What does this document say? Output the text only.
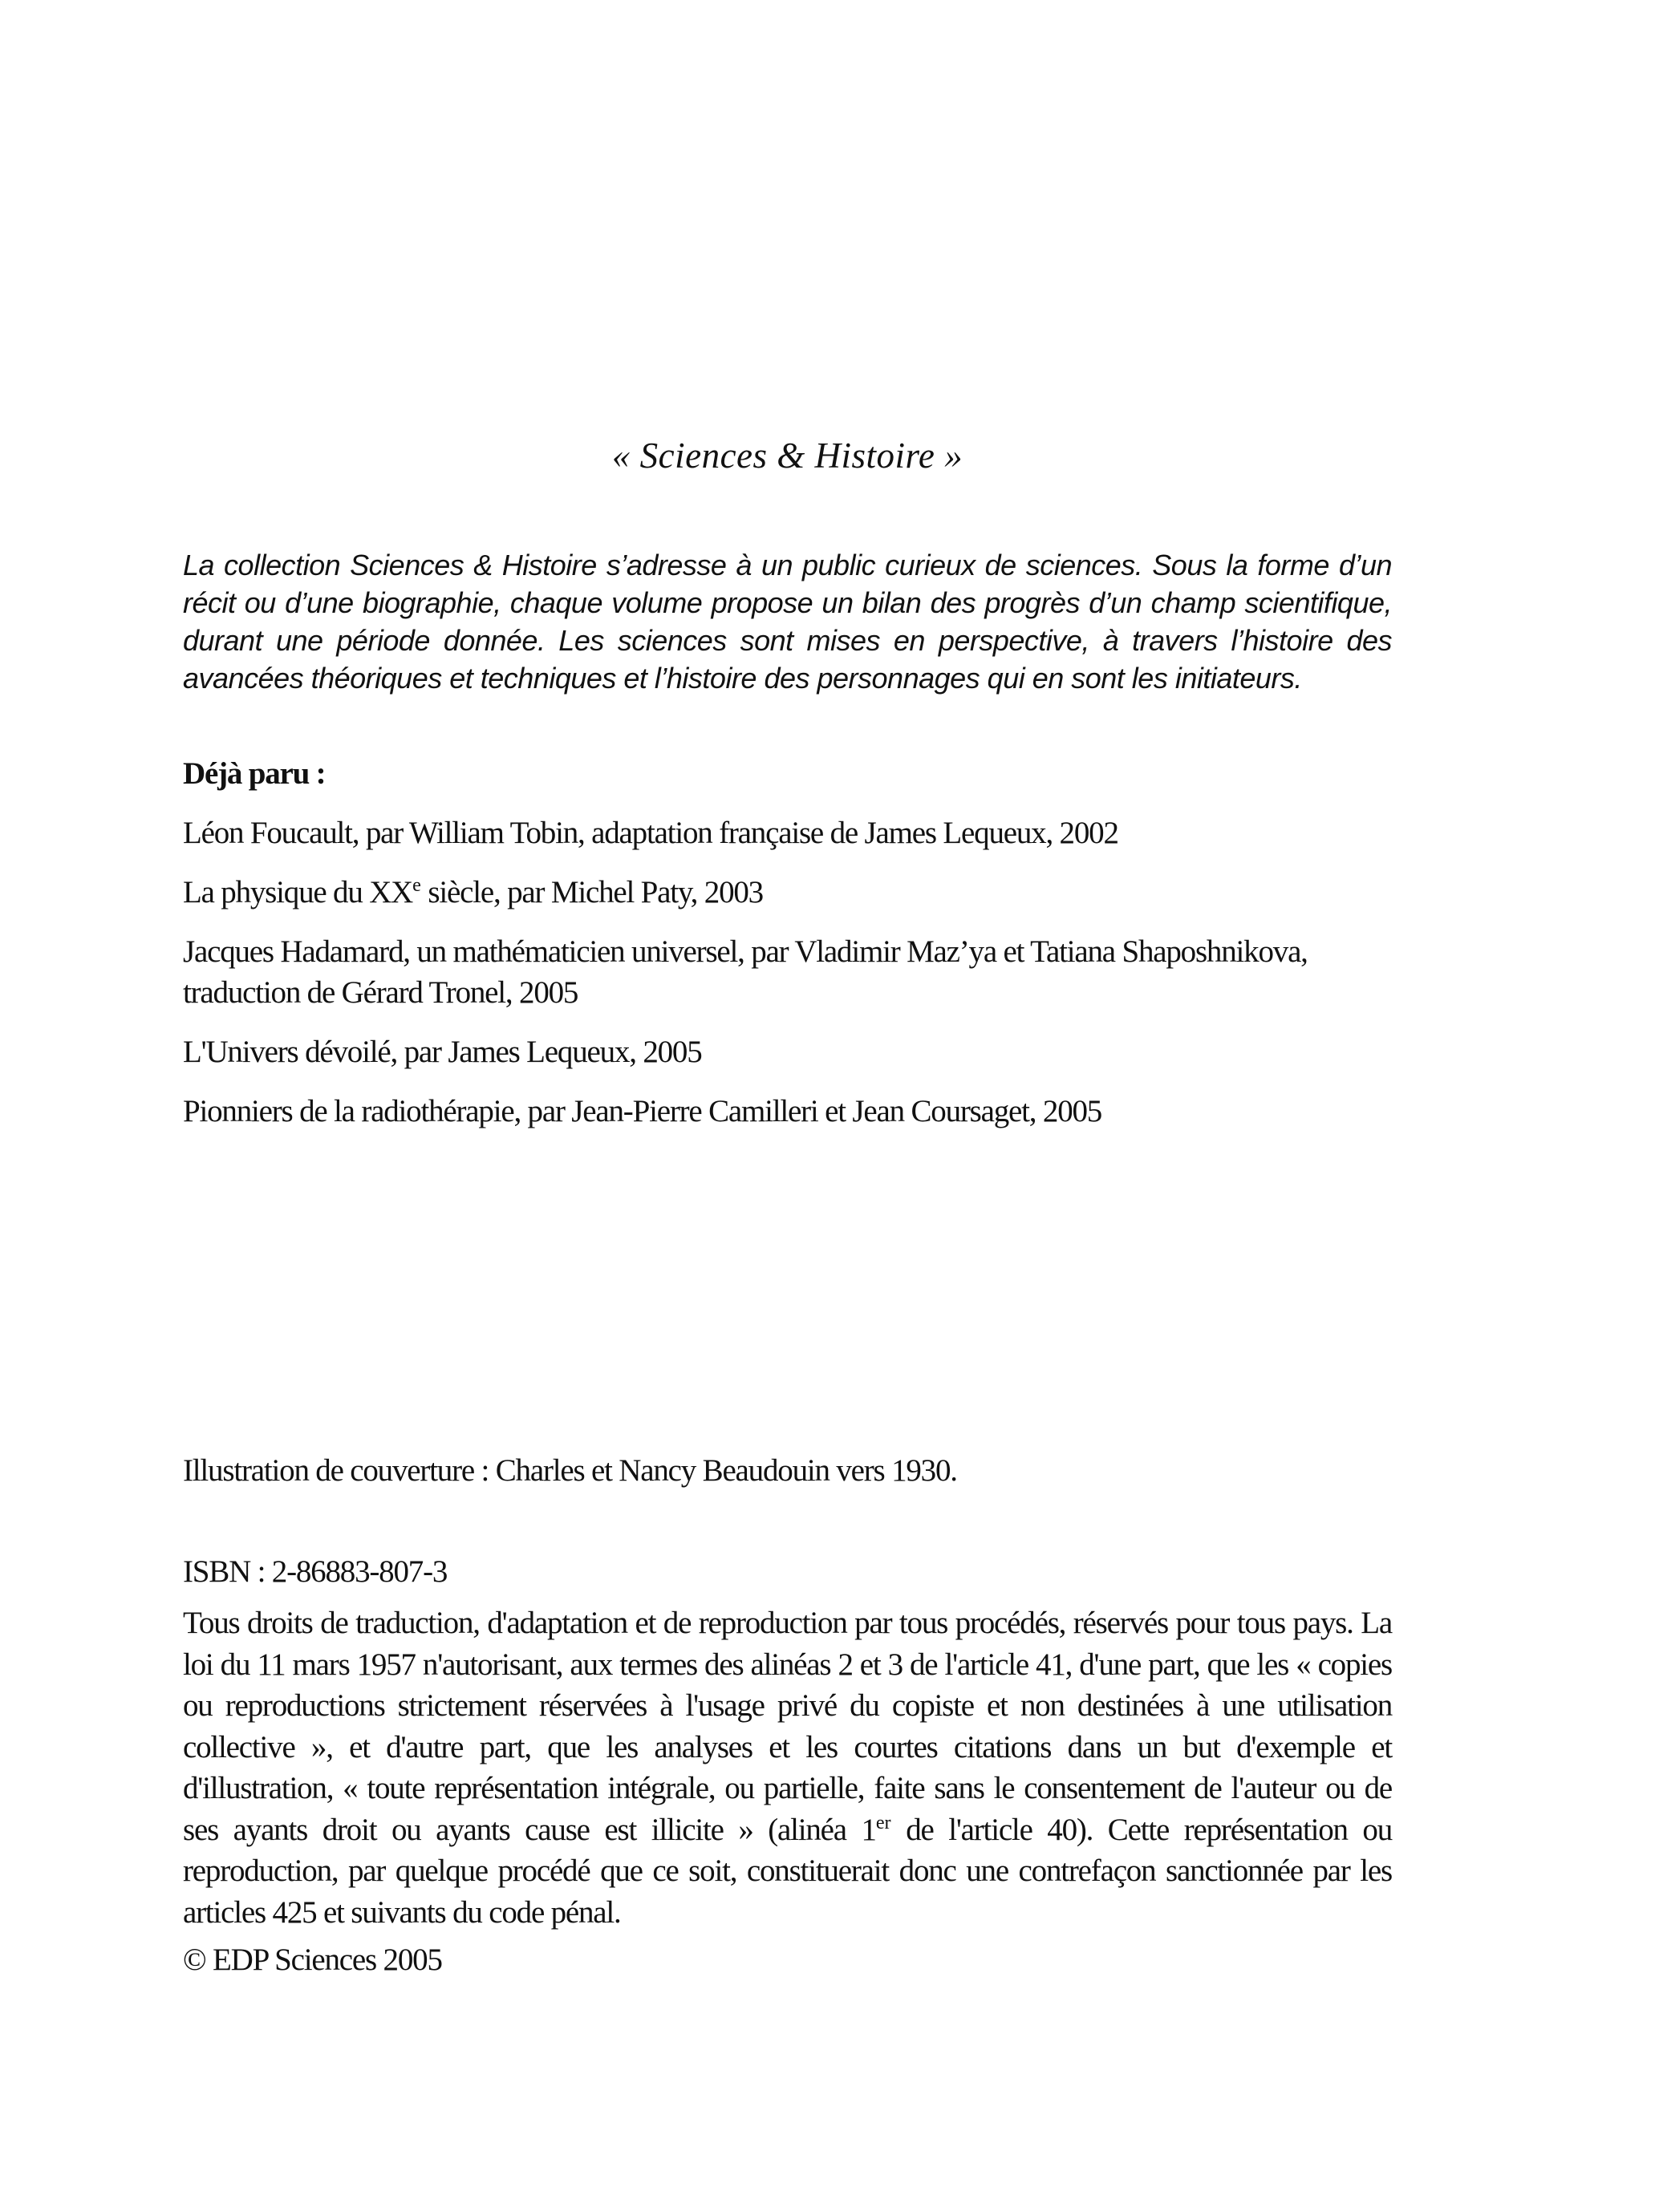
« Sciences & Histoire »
La collection Sciences & Histoire s’adresse à un public curieux de sciences. Sous la forme d’un récit ou d’une biographie, chaque volume propose un bilan des progrès d’un champ scientifique, durant une période donnée. Les sciences sont mises en perspective, à travers l’histoire des avancées théoriques et techniques et l’histoire des personnages qui en sont les initiateurs.
Déjà paru :
Léon Foucault, par William Tobin, adaptation française de James Lequeux, 2002
La physique du XXe siècle, par Michel Paty, 2003
Jacques Hadamard, un mathématicien universel, par Vladimir Maz’ya et Tatiana Shaposhnikova, traduction de Gérard Tronel, 2005
L'Univers dévoilé, par James Lequeux, 2005
Pionniers de la radiothérapie, par Jean-Pierre Camilleri et Jean Coursaget, 2005
Illustration de couverture : Charles et Nancy Beaudouin vers 1930.
ISBN : 2-86883-807-3
Tous droits de traduction, d'adaptation et de reproduction par tous procédés, réservés pour tous pays. La loi du 11 mars 1957 n'autorisant, aux termes des alinéas 2 et 3 de l'article 41, d'une part, que les « copies ou reproductions strictement réservées à l'usage privé du copiste et non destinées à une utilisation collective », et d'autre part, que les analyses et les courtes citations dans un but d'exemple et d'illustration, « toute représentation intégrale, ou partielle, faite sans le consentement de l'auteur ou de ses ayants droit ou ayants cause est illicite » (alinéa 1er de l'article 40). Cette représentation ou reproduction, par quelque procédé que ce soit, constituerait donc une contrefaçon sanctionnée par les articles 425 et suivants du code pénal.
© EDP Sciences 2005
